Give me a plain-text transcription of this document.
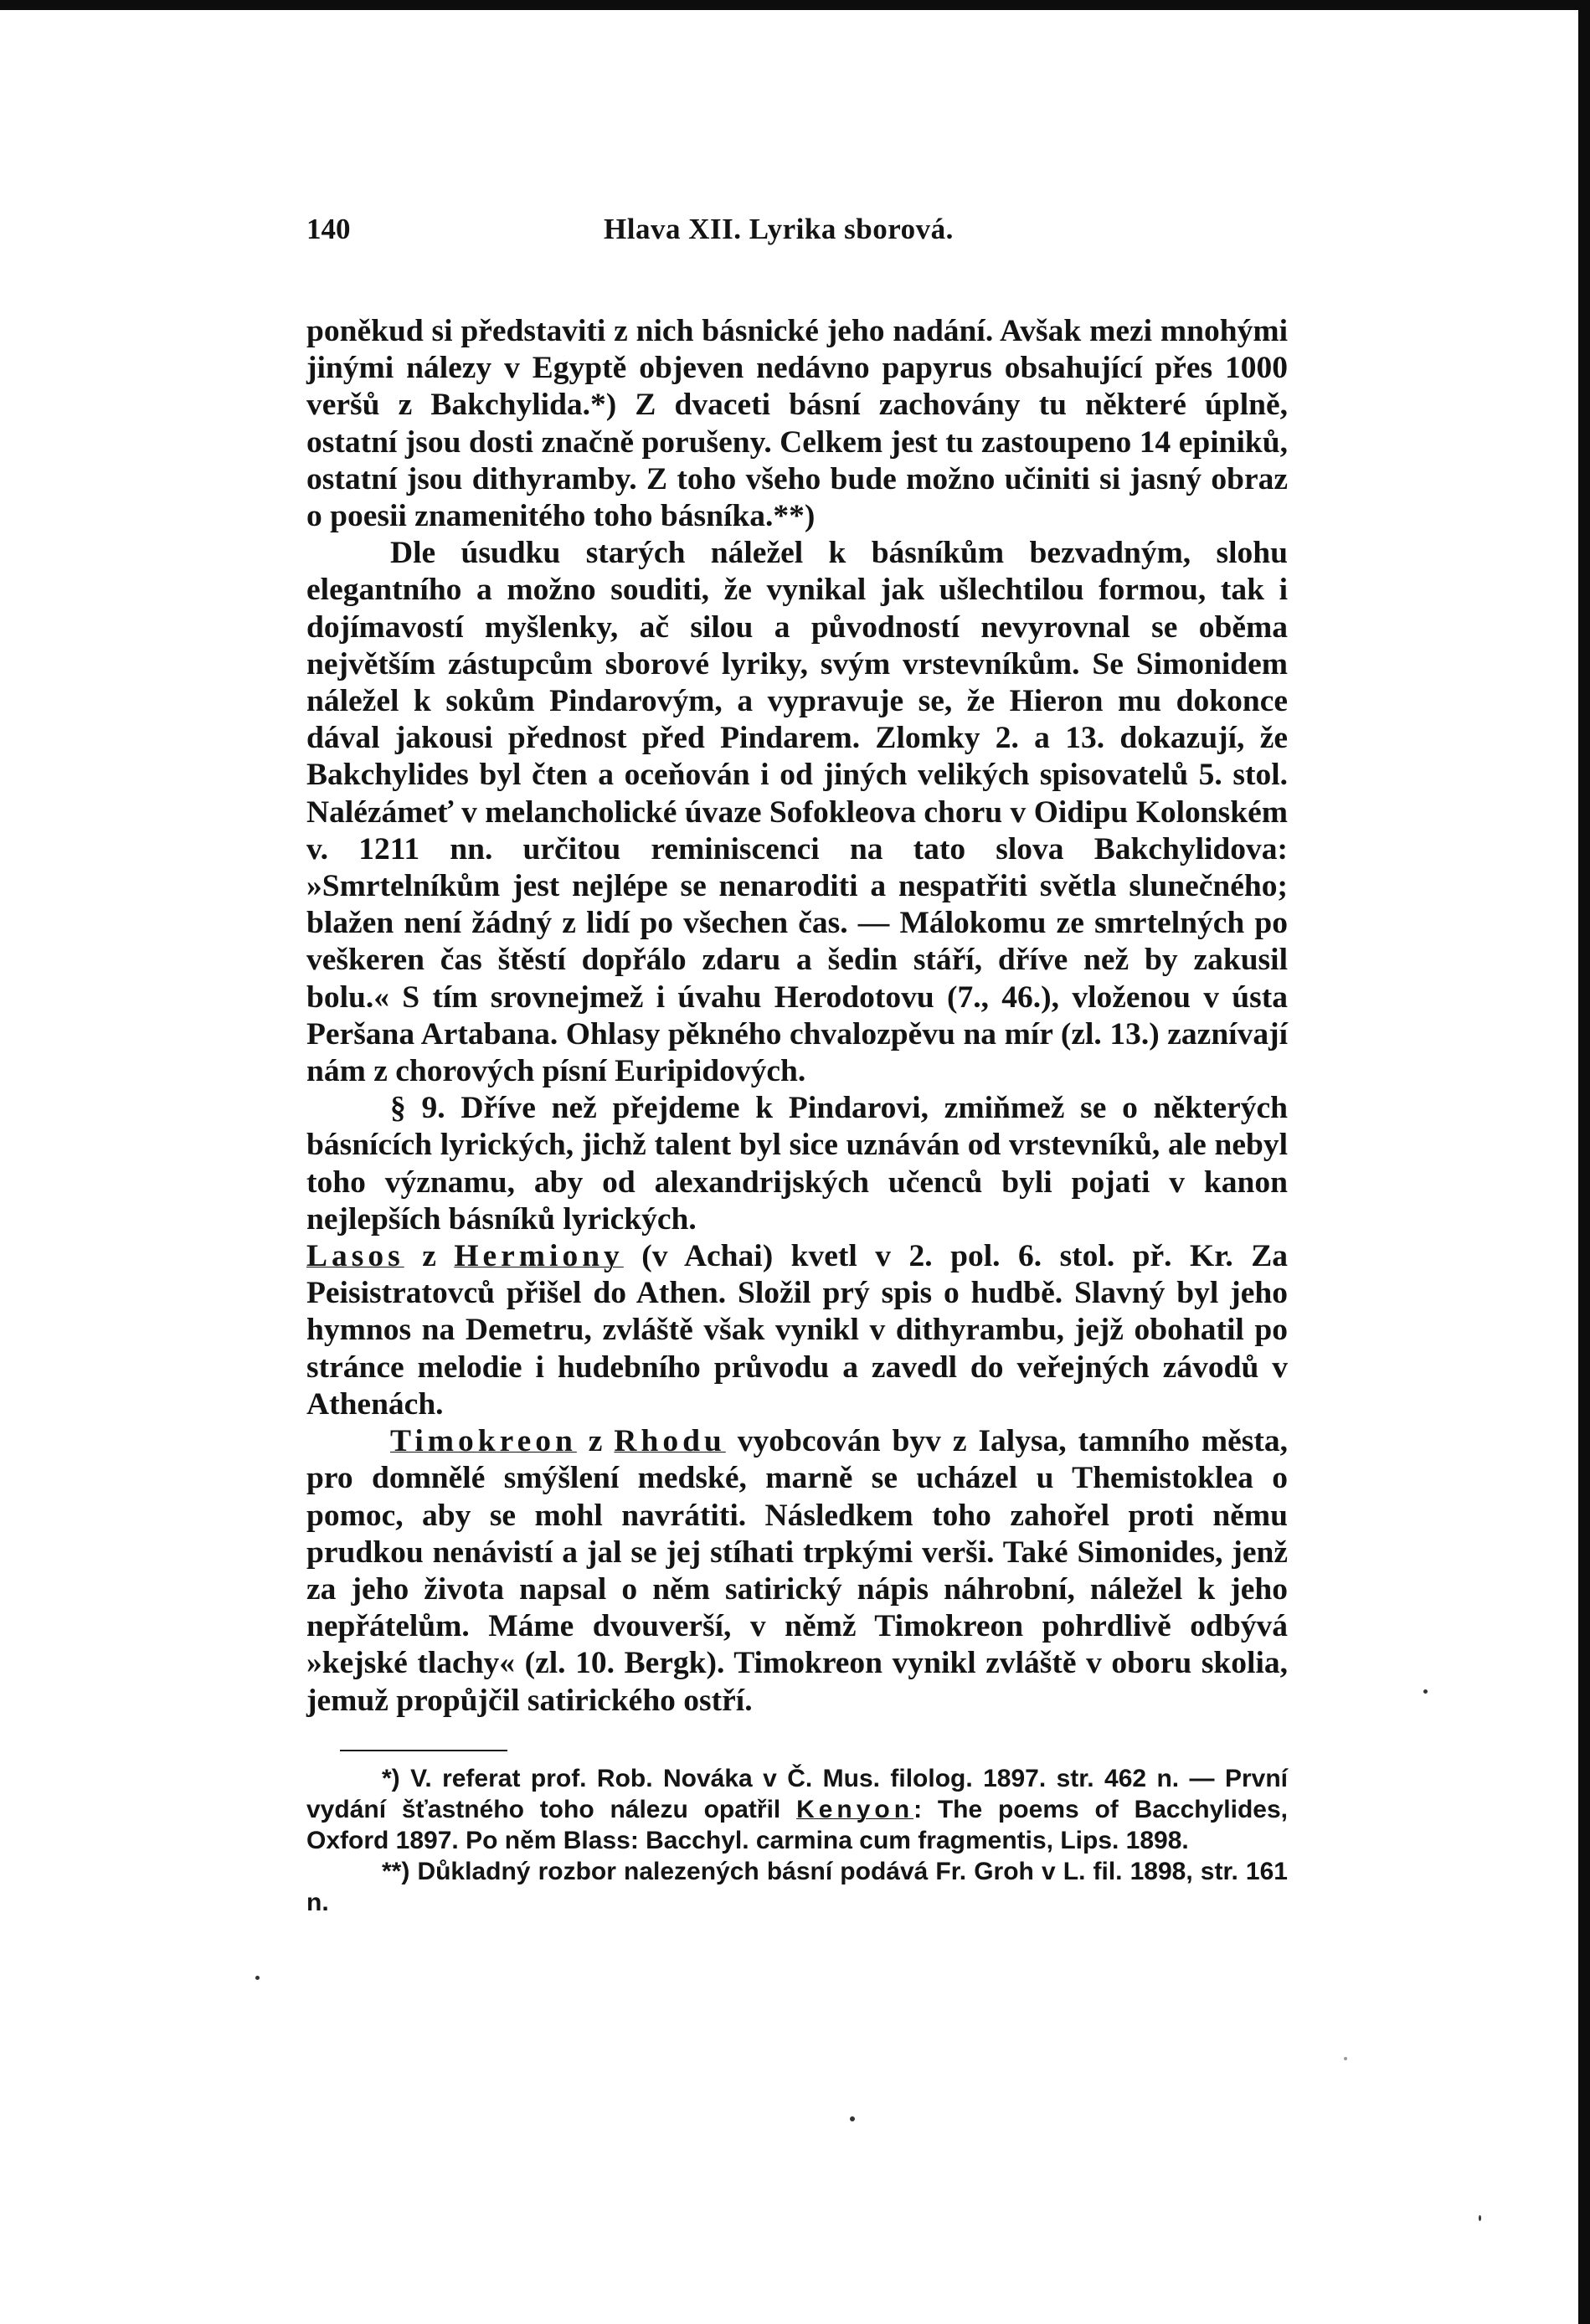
140	Hlava XII. Lyrika sborová.

poněkud si představiti z nich básnické jeho nadání. Avšak mezi mnohými jinými nálezy v Egyptě objeven nedávno papyrus obsahující přes 1000 veršů z Bakchylida.*) Z dvaceti básní zachovány tu některé úplně, ostatní jsou dosti značně porušeny. Celkem jest tu zastoupeno 14 epiniků, ostatní jsou dithyramby. Z toho všeho bude možno učiniti si jasný obraz o poesii znamenitého toho básníka.**)

Dle úsudku starých náležel k básníkům bezvadným, slohu elegantního a možno souditi, že vynikal jak ušlechtilou formou, tak i dojímavostí myšlenky, ač silou a původností nevyrovnal se oběma největším zástupcům sborové lyriky, svým vrstevníkům. Se Simonidem náležel k sokům Pindarovým, a vypravuje se, že Hieron mu dokonce dával jakousi přednost před Pindarem. Zlomky 2. a 13. dokazují, že Bakchylides byl čten a oceňován i od jiných velikých spisovatelů 5. stol. Nalézámeť v melancholické úvaze Sofokleova choru v Oidipu Kolonském v. 1211 nn. určitou reminiscenci na tato slova Bakchylidova: »Smrtelníkům jest nejlépe se nenaroditi a nespatřiti světla slunečného; blažen není žádný z lidí po všechen čas. — Málokomu ze smrtelných po veškeren čas štěstí dopřálo zdaru a šedin stáří, dříve než by zakusil bolu.« S tím srovnejmež i úvahu Herodotovu (7., 46.), vloženou v ústa Peršana Artabana. Ohlasy pěkného chvalozpěvu na mír (zl. 13.) zaznívají nám z chorových písní Euripidových.

§ 9. Dříve než přejdeme k Pindarovi, zmiňmež se o některých básnících lyrických, jichž talent byl sice uznáván od vrstevníků, ale nebyl toho významu, aby od alexandrijských učenců byli pojati v kanon nejlepších básníků lyrických.

Lasos z Hermiony (v Achai) kvetl v 2. pol. 6. stol. př. Kr. Za Peisistratovců přišel do Athen. Složil prý spis o hudbě. Slavný byl jeho hymnos na Demetru, zvláště však vynikl v dithyrambu, jejž obohatil po stránce melodie i hudebního průvodu a zavedl do veřejných závodů v Athenách.

Timokreon z Rhodu vyobcován byv z Ialysa, tamního města, pro domnělé smýšlení medské, marně se ucházel u Themistoklea o pomoc, aby se mohl navrátiti. Následkem toho zahořel proti němu prudkou nenávistí a jal se jej stíhati trpkými verši. Také Simonides, jenž za jeho života napsal o něm satirický nápis náhrobní, náležel k jeho nepřátelům. Máme dvouverší, v němž Timokreon pohrdlivě odbývá »kejské tlachy« (zl. 10. Bergk). Timokreon vynikl zvláště v oboru skolia, jemuž propůjčil satirického ostří.

*) V. referat prof. Rob. Nováka v Č. Mus. filolog. 1897. str. 462 n. — První vydání šťastného toho nálezu opatřil Kenyon: The poems of Bacchylides, Oxford 1897. Po něm Blass: Bacchyl. carmina cum fragmentis, Lips. 1898.

**) Důkladný rozbor nalezených básní podává Fr. Groh v L. fil. 1898, str. 161 n.
